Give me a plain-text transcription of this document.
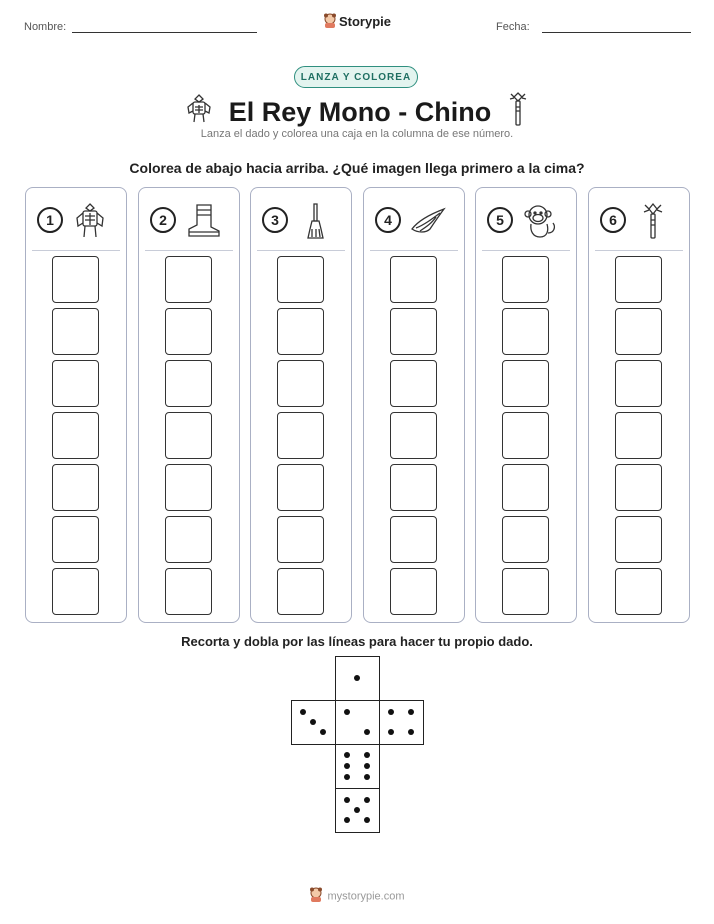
Nombre:	Storypie	Fecha:
LANZA Y COLOREA
El Rey Mono - Chino
Lanza el dado y colorea una caja en la columna de ese número.
Colorea de abajo hacia arriba. ¿Qué imagen llega primero a la cima?
1	2	3	4	5	6
Recorta y dobla por las líneas para hacer tu propio dado.
mystorypie.com
